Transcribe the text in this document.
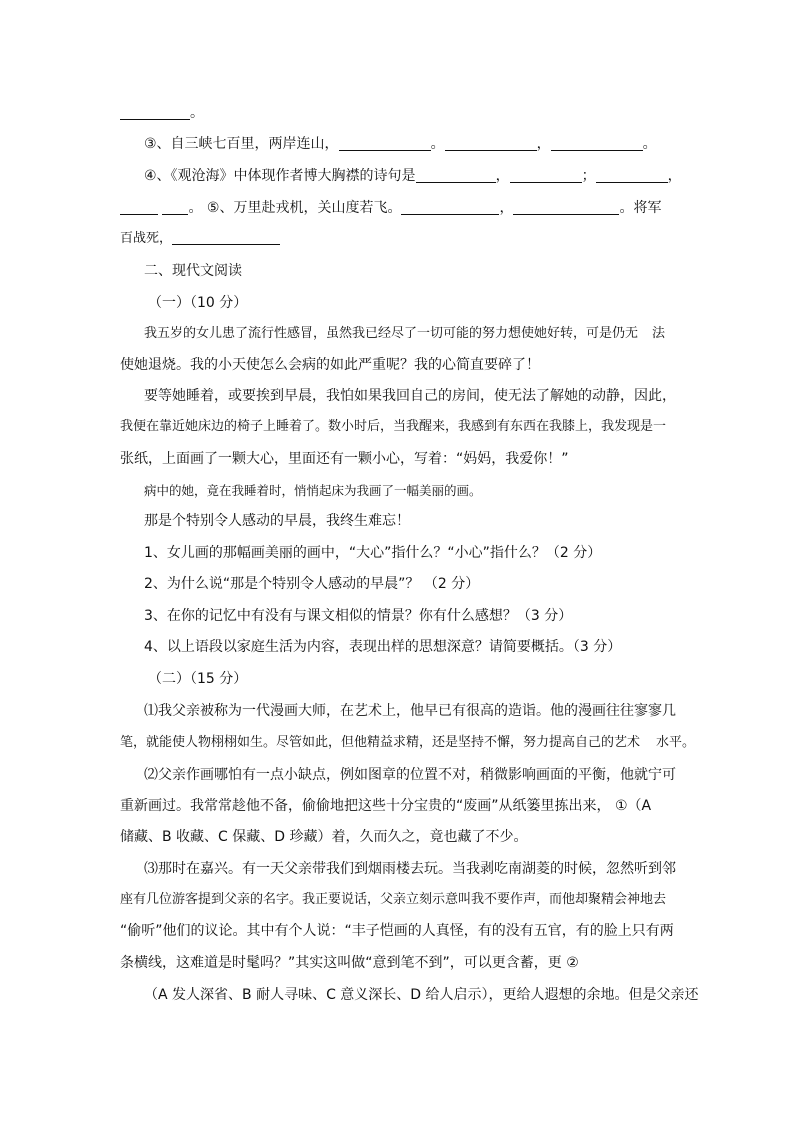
。
③、自三峡七百里，两岸连山，	。	，	。
④、《观沧海》中体现作者博大胸襟的诗句是	，	；	，
。 ⑤、万里赴戎机，关山度若飞。	，	。将军
百战死，
二、现代文阅读
（一）（10 分）
我五岁的女儿患了流行性感冒，虽然我已经尽了一切可能的努力想使她好转，可是仍无 法
使她退烧。我的小天使怎么会病的如此严重呢？我的心简直要碎了！
要等她睡着，或要挨到早晨，我怕如果我回自己的房间，使无法了解她的动静，因此，
我便在靠近她床边的椅子上睡着了。数小时后，当我醒来，我感到有东西在我膝上，我发现是一
张纸，上面画了一颗大心，里面还有一颗小心，写着：“妈妈，我爱你！”
病中的她，竟在我睡着时，悄悄起床为我画了一幅美丽的画。
那是个特别令人感动的早晨，我终生难忘！
1、女儿画的那幅画美丽的画中，“大心”指什么？“小心”指什么？（2 分）
2、为什么说“那是个特别令人感动的早晨”？ （2 分）
3、在你的记忆中有没有与课文相似的情景？你有什么感想？（3 分）
4、以上语段以家庭生活为内容，表现出样的思想深意？请简要概括。（3 分）
（二）（15 分）
⑴我父亲被称为一代漫画大师，在艺术上，他早已有很高的造诣。他的漫画往往寥寥几
笔，就能使人物栩栩如生。尽管如此，但他精益求精，还是坚持不懈，努力提高自己的艺术 水平。
⑵父亲作画哪怕有一点小缺点，例如图章的位置不对，稍微影响画面的平衡，他就宁可
重新画过。我常常趁他不备，偷偷地把这些十分宝贵的“废画”从纸篓里拣出来， ①（A
储藏、B 收藏、C 保藏、D 珍藏）着，久而久之，竟也藏了不少。
⑶那时在嘉兴。有一天父亲带我们到烟雨楼去玩。当我剥吃南湖菱的时候，忽然听到邻
座有几位游客提到父亲的名字。我正要说话，父亲立刻示意叫我不要作声，而他却聚精会神地去
“偷听”他们的议论。其中有个人说：“丰子恺画的人真怪，有的没有五官，有的脸上只有两
条横线，这难道是时髦吗？”其实这叫做“意到笔不到”，可以更含蓄，更 ②
（A 发人深省、B 耐人寻味、C 意义深长、D 给人启示），更给人遐想的余地。但是父亲还
